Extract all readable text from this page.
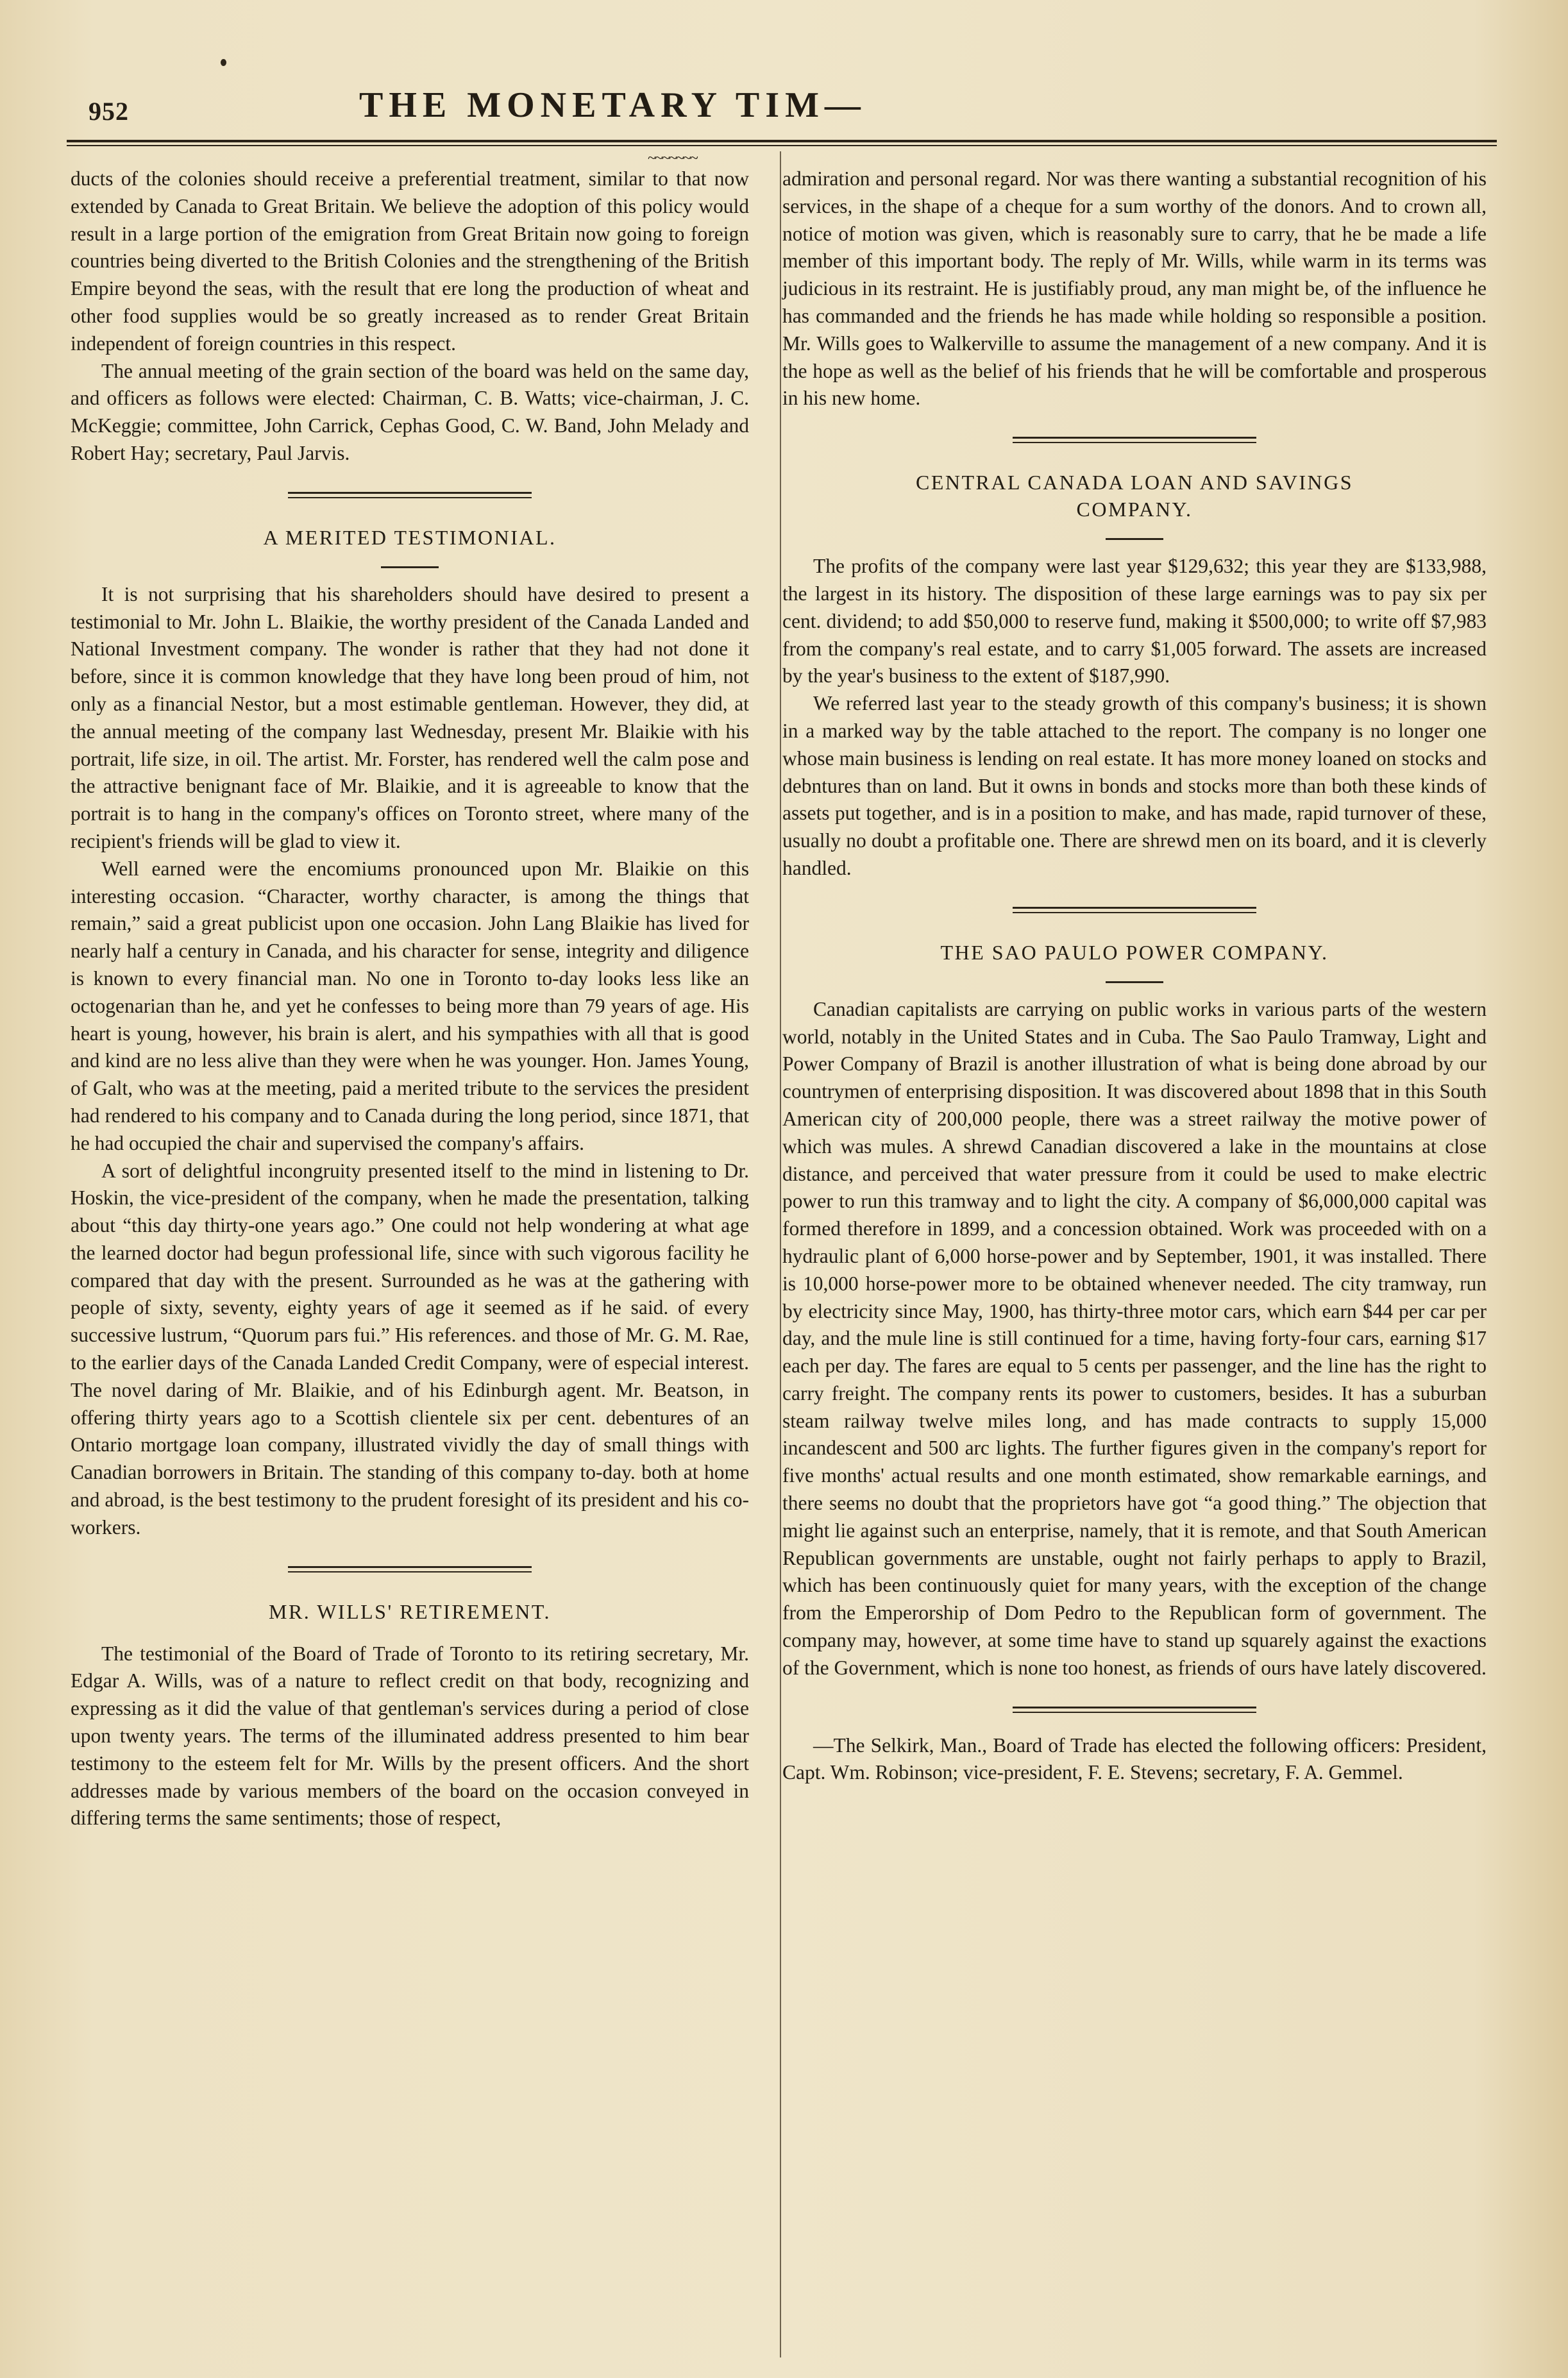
952	THE MONETARY TIM—
~~~~~~~

ducts of the colonies should receive a preferential treatment, similar to that now extended by Canada to Great Britain. We believe the adoption of this policy would result in a large portion of the emigration from Great Britain now going to foreign countries being diverted to the British Colonies and the strengthening of the British Empire beyond the seas, with the result that ere long the production of wheat and other food supplies would be so greatly increased as to render Great Britain independent of foreign countries in this respect.

The annual meeting of the grain section of the board was held on the same day, and officers as follows were elected: Chairman, C. B. Watts; vice-chairman, J. C. McKeggie; committee, John Carrick, Cephas Good, C. W. Band, John Melady and Robert Hay; secretary, Paul Jarvis.

A MERITED TESTIMONIAL.

It is not surprising that his shareholders should have desired to present a testimonial to Mr. John L. Blaikie, the worthy president of the Canada Landed and National Investment company. The wonder is rather that they had not done it before, since it is common knowledge that they have long been proud of him, not only as a financial Nestor, but a most estimable gentleman. However, they did, at the annual meeting of the company last Wednesday, present Mr. Blaikie with his portrait, life size, in oil. The artist. Mr. Forster, has rendered well the calm pose and the attractive benignant face of Mr. Blaikie, and it is agreeable to know that the portrait is to hang in the company's offices on Toronto street, where many of the recipient's friends will be glad to view it.

Well earned were the encomiums pronounced upon Mr. Blaikie on this interesting occasion. “Character, worthy character, is among the things that remain,” said a great publicist upon one occasion. John Lang Blaikie has lived for nearly half a century in Canada, and his character for sense, integrity and diligence is known to every financial man. No one in Toronto to-day looks less like an octogenarian than he, and yet he confesses to being more than 79 years of age. His heart is young, however, his brain is alert, and his sympathies with all that is good and kind are no less alive than they were when he was younger. Hon. James Young, of Galt, who was at the meeting, paid a merited tribute to the services the president had rendered to his company and to Canada during the long period, since 1871, that he had occupied the chair and supervised the company's affairs.

A sort of delightful incongruity presented itself to the mind in listening to Dr. Hoskin, the vice-president of the company, when he made the presentation, talking about “this day thirty-one years ago.” One could not help wondering at what age the learned doctor had begun professional life, since with such vigorous facility he compared that day with the present. Surrounded as he was at the gathering with people of sixty, seventy, eighty years of age it seemed as if he said. of every successive lustrum, “Quorum pars fui.” His references. and those of Mr. G. M. Rae, to the earlier days of the Canada Landed Credit Company, were of especial interest. The novel daring of Mr. Blaikie, and of his Edinburgh agent. Mr. Beatson, in offering thirty years ago to a Scottish clientele six per cent. debentures of an Ontario mortgage loan company, illustrated vividly the day of small things with Canadian borrowers in Britain. The standing of this company to-day. both at home and abroad, is the best testimony to the prudent foresight of its president and his co-workers.

MR. WILLS' RETIREMENT.

The testimonial of the Board of Trade of Toronto to its retiring secretary, Mr. Edgar A. Wills, was of a nature to reflect credit on that body, recognizing and expressing as it did the value of that gentleman's services during a period of close upon twenty years. The terms of the illuminated address presented to him bear testimony to the esteem felt for Mr. Wills by the present officers. And the short addresses made by various members of the board on the occasion conveyed in differing terms the same sentiments; those of respect,

admiration and personal regard. Nor was there wanting a substantial recognition of his services, in the shape of a cheque for a sum worthy of the donors. And to crown all, notice of motion was given, which is reasonably sure to carry, that he be made a life member of this important body. The reply of Mr. Wills, while warm in its terms was judicious in its restraint. He is justifiably proud, any man might be, of the influence he has commanded and the friends he has made while holding so responsible a position. Mr. Wills goes to Walkerville to assume the management of a new company. And it is the hope as well as the belief of his friends that he will be comfortable and prosperous in his new home.

CENTRAL CANADA LOAN AND SAVINGS
COMPANY.

The profits of the company were last year $129,632; this year they are $133,988, the largest in its history. The disposition of these large earnings was to pay six per cent. dividend; to add $50,000 to reserve fund, making it $500,000; to write off $7,983 from the company's real estate, and to carry $1,005 forward. The assets are increased by the year's business to the extent of $187,990.

We referred last year to the steady growth of this company's business; it is shown in a marked way by the table attached to the report. The company is no longer one whose main business is lending on real estate. It has more money loaned on stocks and debntures than on land. But it owns in bonds and stocks more than both these kinds of assets put together, and is in a position to make, and has made, rapid turnover of these, usually no doubt a profitable one. There are shrewd men on its board, and it is cleverly handled.

THE SAO PAULO POWER COMPANY.

Canadian capitalists are carrying on public works in various parts of the western world, notably in the United States and in Cuba. The Sao Paulo Tramway, Light and Power Company of Brazil is another illustration of what is being done abroad by our countrymen of enterprising disposition. It was discovered about 1898 that in this South American city of 200,000 people, there was a street railway the motive power of which was mules. A shrewd Canadian discovered a lake in the mountains at close distance, and perceived that water pressure from it could be used to make electric power to run this tramway and to light the city. A company of $6,000,000 capital was formed therefore in 1899, and a concession obtained. Work was proceeded with on a hydraulic plant of 6,000 horse-power and by September, 1901, it was installed. There is 10,000 horse-power more to be obtained whenever needed. The city tramway, run by electricity since May, 1900, has thirty-three motor cars, which earn $44 per car per day, and the mule line is still continued for a time, having forty-four cars, earning $17 each per day. The fares are equal to 5 cents per passenger, and the line has the right to carry freight. The company rents its power to customers, besides. It has a suburban steam railway twelve miles long, and has made contracts to supply 15,000 incandescent and 500 arc lights. The further figures given in the company's report for five months' actual results and one month estimated, show remarkable earnings, and there seems no doubt that the proprietors have got “a good thing.” The objection that might lie against such an enterprise, namely, that it is remote, and that South American Republican governments are unstable, ought not fairly perhaps to apply to Brazil, which has been continuously quiet for many years, with the exception of the change from the Emperorship of Dom Pedro to the Republican form of government. The company may, however, at some time have to stand up squarely against the exactions of the Government, which is none too honest, as friends of ours have lately discovered.

—The Selkirk, Man., Board of Trade has elected the following officers: President, Capt. Wm. Robinson; vice-president, F. E. Stevens; secretary, F. A. Gemmel.
